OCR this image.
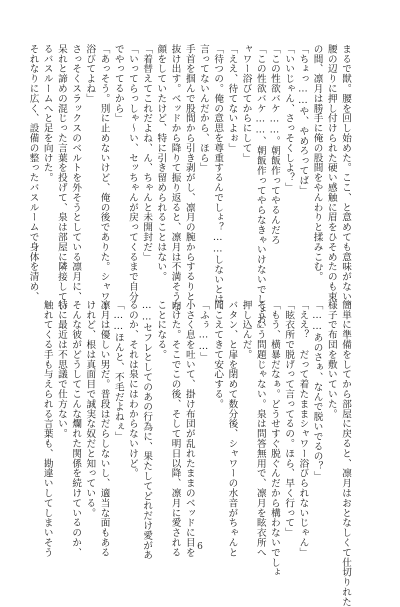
簡単に準備をしてから部屋に戻ると、凛月はおとなしくて仕切りれた
様子で布団を敷いていた。
「……あのさぁ、なんで脱いでるの？」
「ええ？　だって着たままシャワー浴びられないじゃん」
「眩衣所で脱げって言ってるの。ほら、早く行って」
「もう、横暴だなぁ。どうせすぐ脱ぐんだから構わないでしょ
そういう問題じゃない。泉は問答無用で、凛月を眩衣所へ
押し込んだ。
バタン、と扉を閉めて数分後、シャワーの水音がちゃんと
聞こえてきて安心する。
「ふぅ……」
小さく息を吐いて、掛け布団が乱れたままのベッドに目を
向けた。そこでこの後、そして明日以降、凛月に愛される
ことになる。
……セフレとしてのあの行為に、果たしてどれだけ愛があ
るのか、それは泉にはわからないけど。
「……ほんと、不毛だよねぇ」
凛月は優しい男だ。普段はだらしないし、適当な面もある
けれど、根は真面目で誠実な奴だと知っている。
そんな彼がどうしてこんな爛れた関係を続けているのか、
特に最近は不思議で仕方ない。
触れてくる手も与えられる言葉も、勘違いしてしまいそう
まるで獣。腰を回し始めた。ここ、と意めても意味がない。
腰の辺りに押し付けられた硬い感触に眉をひそめたのも束
の間、凛月は勝手に俺の股間をやんわりと揉みこむ。
「ちょっ……や、やめろってば」
「いいじゃん、さっそくしよ？」
「この性欲バケ……。朝飯作ってやるんだろ
「この性欲バケ……、朝飯作ってやらなきゃいけないでしょお」
ャワー浴びてからにして」
「ええ、待てないよぉ」
「待つの。俺の意思を尊重するんでしょ？……しないとは
言ってないんだから、ほら」
手首を掴んで股間から引き剥がし、凛月の腕からするりと
抜け出す。ベッドから降りて振り返ると、凛月は不満そうな
顔をしていたけど、特に引き留められることはない。
「着替えてこれだよね、ん、ちゃんと未開封だ」
「いってらっしゃ～い、セッちゃんが戻ってくるまで自分
でやってるから」
「あっそう。別に止めないけど、俺の後でありた。シャワー
浴びてよね」
さっそくスラックスのベルトを外そうとしている凛月に、
呆れと諦めの混じった言葉を投げて、泉は部屋に隣接してい
るバスルームへと足を向けた。
それなりに広く、設備の整ったバスルームで身体を清め、
6
